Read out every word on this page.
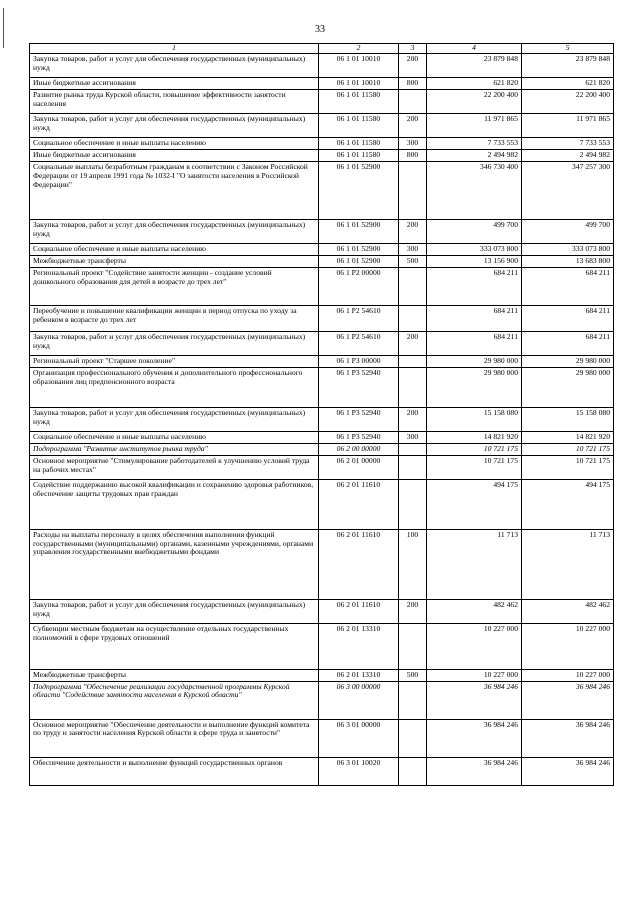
33
1	2	3	4	5
Закупка товаров, работ и услуг для обеспечения государственных (муниципальных) нужд	06 1 01 10010	200	23 879 848	23 879 848
Иные бюджетные ассигнования	06 1 01 10010	800	621 820	621 820
Развитие рынка труда Курской области, повышение эффективности занятости населения	06 1 01 11580		22 200 400	22 200 400
Закупка товаров, работ и услуг для обеспечения государственных (муниципальных) нужд	06 1 01 11580	200	11 971 865	11 971 865
Социальное обеспечение и иные выплаты населению	06 1 01 11580	300	7 733 553	7 733 553
Иные бюджетные ассигнования	06 1 01 11580	800	2 494 982	2 494 982
Социальные выплаты безработным гражданам в соответствии с Законом Российской Федерации от 19 апреля 1991 года № 1032-I "О занятости населения в Российской Федерации"	06 1 01 52900		346 730 400	347 257 300
Закупка товаров, работ и услуг для обеспечения государственных (муниципальных) нужд	06 1 01 52900	200	499 700	499 700
Социальное обеспечение и иные выплаты населению	06 1 01 52900	300	333 073 800	333 073 800
Межбюджетные трансферты	06 1 01 52900	500	13 156 900	13 683 800
Региональный проект "Содействие занятости женщин - создание условий дошкольного образования для детей в возрасте до трех лет"	06 1 P2 00000		684 211	684 211
Переобучение и повышение квалификации женщин в период отпуска по уходу за ребенком в возрасте до трех лет	06 1 P2 54610		684 211	684 211
Закупка товаров, работ и услуг для обеспечения государственных (муниципальных) нужд	06 1 P2 54610	200	684 211	684 211
Региональный проект "Старшее поколение"	06 1 P3 00000		29 980 000	29 980 000
Организация профессионального обучения и дополнительного профессионального образования лиц предпенсионного возраста	06 1 P3 52940		29 980 000	29 980 000
Закупка товаров, работ и услуг для обеспечения государственных (муниципальных) нужд	06 1 P3 52940	200	15 158 080	15 158 080
Социальное обеспечение и иные выплаты населению	06 1 P3 52940	300	14 821 920	14 821 920
Подпрограмма "Развитие институтов рынка труда"	06 2 00 00000		10 721 175	10 721 175
Основное мероприятие "Стимулирование работодателей к улучшению условий труда на рабочих местах"	06 2 01 00000		10 721 175	10 721 175
Содействие поддержанию высокой квалификации и сохранению здоровья работников, обеспечение защиты трудовых прав граждан	06 2 01 11610		494 175	494 175
Расходы на выплаты персоналу в целях обеспечения выполнения функций государственными (муниципальными) органами, казенными учреждениями, органами управления государственными внебюджетными фондами	06 2 01 11610	100	11 713	11 713
Закупка товаров, работ и услуг для обеспечения государственных (муниципальных) нужд	06 2 01 11610	200	482 462	482 462
Субвенции местным бюджетам на осуществление отдельных государственных полномочий в сфере трудовых отношений	06 2 01 13310		10 227 000	10 227 000
Межбюджетные трансферты	06 2 01 13310	500	10 227 000	10 227 000
Подпрограмма "Обеспечение реализации государственной программы Курской области "Содействие занятости населения в Курской области"	06 3 00 00000		36 984 246	36 984 246
Основное мероприятие "Обеспечение деятельности и выполнение функций комитета по труду и занятости населения Курской области в сфере труда и занятости"	06 3 01 00000		36 984 246	36 984 246
Обеспечение деятельности и выполнение функций государственных органов	06 3 01 10020		36 984 246	36 984 246
